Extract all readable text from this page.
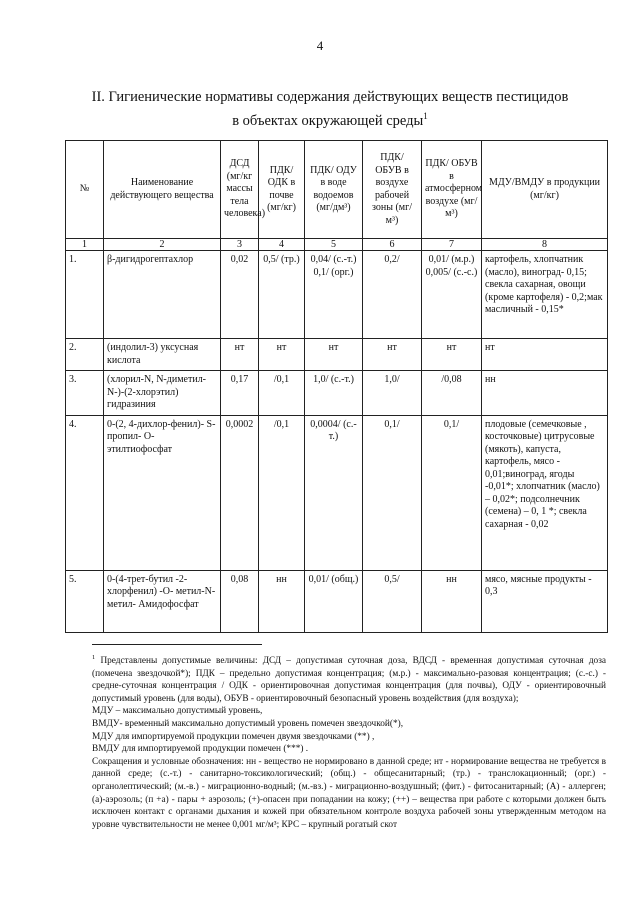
4
II. Гигиенические нормативы содержания действующих веществ пестицидов
в объектах окружающей среды$^1$
№	Наименование действующего вещества	ДСД (мг/кг массы тела человека)	ПДК/ ОДК в почве (мг/кг)	ПДК/ ОДУ в воде водоемов (мг/дм³)	ПДК/ ОБУВ в воздухе рабочей зоны (мг/м³)	ПДК/ ОБУВ в атмосферном воздухе (мг/м³)	МДУ/ВМДУ в продукции (мг/кг)
1	2	3	4	5	6	7	8
1.	β-дигидрогептахлор	0,02	0,5/ (тр.)	0,04/ (с.-т.) 0,1/ (орг.)	0,2/	0,01/ (м.р.) 0,005/ (с.-с.)	картофель, хлопчатник (масло), виноград- 0,15; свекла сахарная, овощи (кроме картофеля) - 0,2;мак масличный - 0,15*
2.	(индолил-3) уксусная кислота	нт	нт	нт	нт	нт	нт
3.	(хлорил-N, N-диметил- N-)-(2-хлорэтил) гидразиния	0,17	/0,1	1,0/ (с.-т.)	1,0/	/0,08	нн
4.	0-(2, 4-дихлор-фенил)- S-пропил- О- этилтиофосфат	0,0002	/0,1	0,0004/ (с.-т.)	0,1/	0,1/	плодовые (семечковые , косточковые) цитрусовые (мякоть), капуста, картофель, мясо - 0,01;виноград, ягоды -0,01*; хлопчатник (масло) – 0,02*; подсолнечник (семена) – 0, 1 *; свекла сахарная - 0,02
5.	0-(4-трет-бутил -2- хлорфенил) -О- метил-N-метил- Амидофосфат	0,08	нн	0,01/ (общ.)	0,5/	нн	мясо, мясные продукты - 0,3

$^1$ Представлены допустимые величины: ДСД – допустимая суточная доза, ВДСД - временная допустимая суточная доза (помечена звездочкой*); ПДК – предельно допустимая концентрация; (м.р.) - максимально-разовая концентрация; (с.-с.) - средне-суточная концентрация / ОДК - ориентировочная допустимая концентрация (для почвы), ОДУ - ориентировочный допустимый уровень (для воды), ОБУВ - ориентировочный безопасный уровень воздействия (для воздуха);

МДУ – максимально допустимый уровень,

ВМДУ- временный максимально допустимый уровень помечен звездочкой(*),

МДУ для импортируемой продукции помечен двумя звездочками (**) ,

ВМДУ для импортируемой продукции помечен (***) .

Сокращения и условные обозначения: нн - вещество не нормировано в данной среде; нт - нормирование вещества не требуется в данной среде; (с.-т.) - санитарно-токсикологический; (общ.) - общесанитарный; (тр.) - транслокационный; (орг.) - органолептический; (м.-в.) - миграционно-водный; (м.-вз.) - миграционно-воздушный; (фит.) - фитосанитарный; (А) - аллерген; (а)-аэрозоль; (п +а) - пары + аэрозоль; (+)-опасен при попадании на кожу; (++) – вещества при работе с которыми должен быть исключен контакт с органами дыхания и кожей при обязательном контроле воздуха рабочей зоны утвержденным методом на уровне чувствительности не менее 0,001 мг/м³; КРС – крупный рогатый скот
